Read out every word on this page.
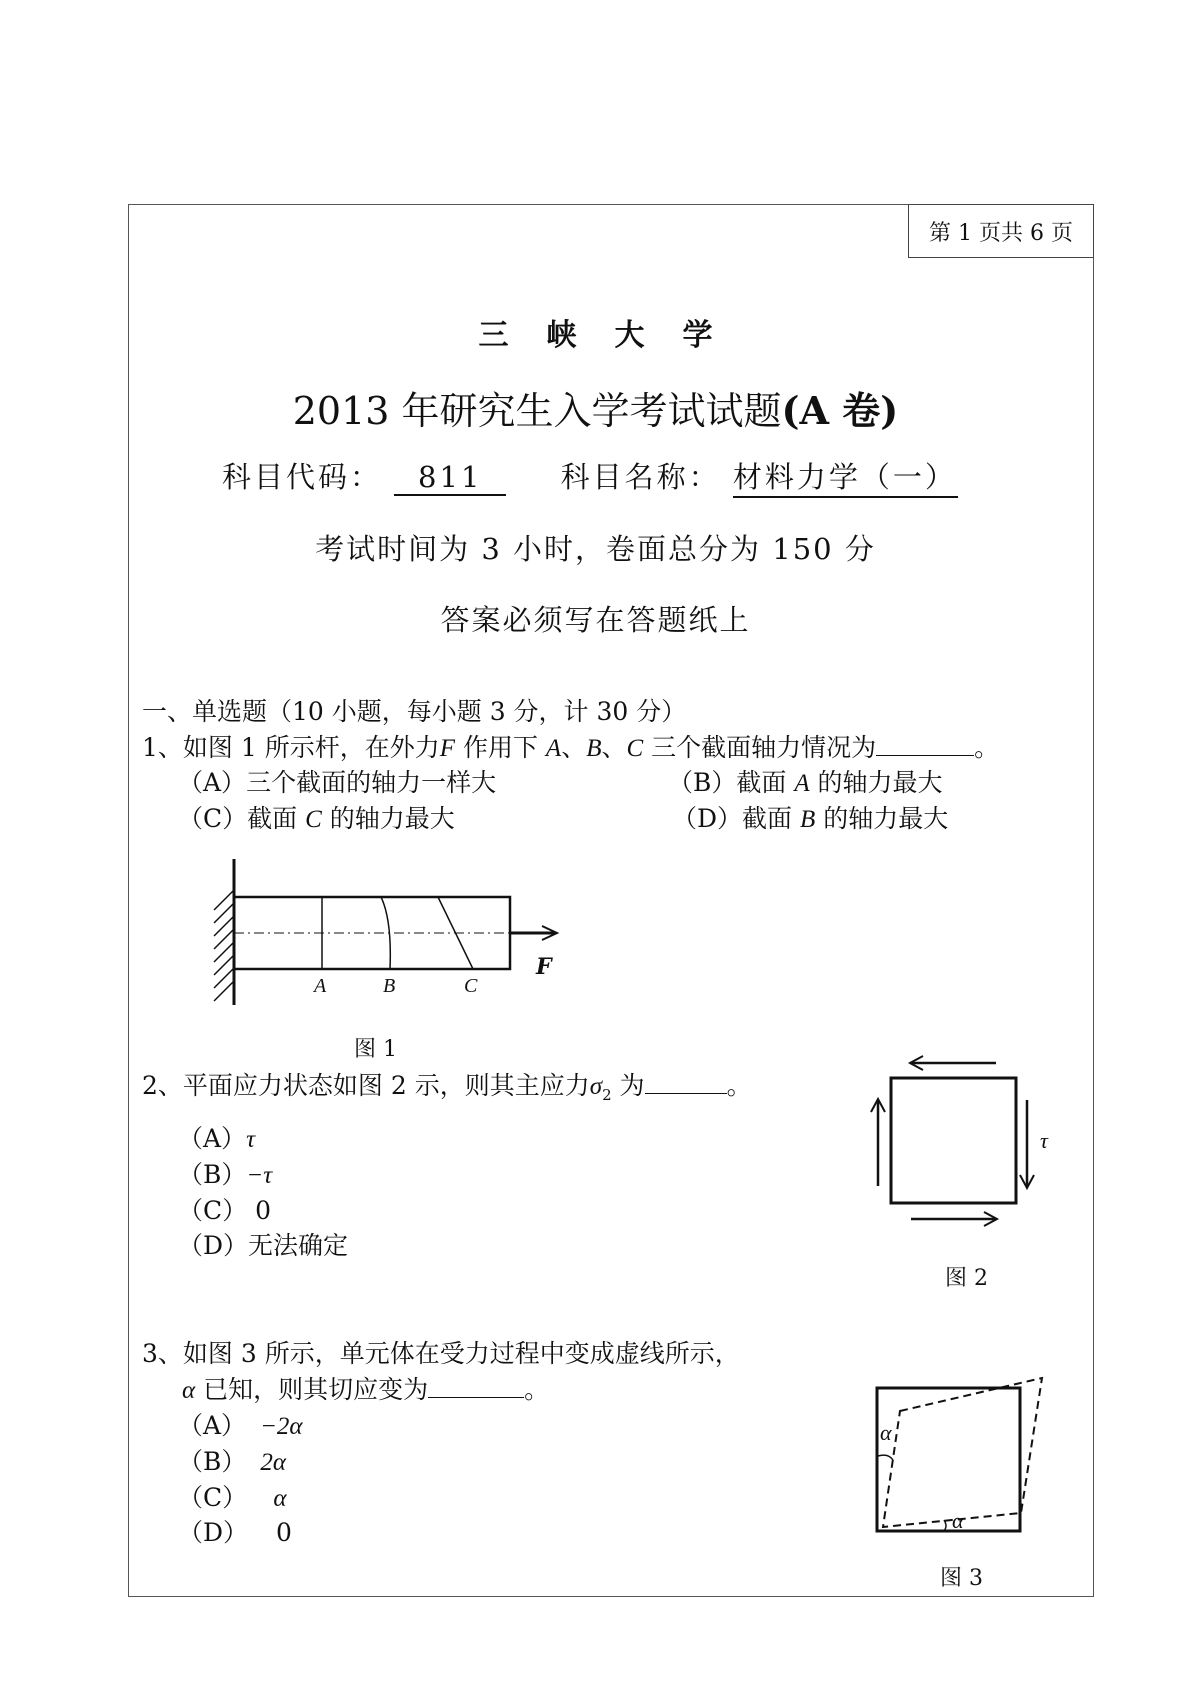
第 1 页共 6 页
三峡大学
2013 年研究生入学考试试题(A 卷)
科目代码： 811	科目名称： 材料力学（一）
考试时间为 3 小时，卷面总分为 150 分
答案必须写在答题纸上
一、单选题（10 小题，每小题 3 分，计 30 分）
1、如图 1 所示杆，在外力F 作用下 A、B、C 三个截面轴力情况为	。
（A）三个截面的轴力一样大	（B）截面 A 的轴力最大
（C）截面 C 的轴力最大	（D）截面 B 的轴力最大
A	B	C
F
图 1
2、平面应力状态如图 2 示，则其主应力$\sigma_2$ 为	。
（A）τ
（B）−τ
（C） 0
（D）无法确定
τ
图 2
3、如图 3 所示，单元体在受力过程中变成虚线所示，
α 已知，则其切应变为	。
（A） −2α
（B） 2α
（C） α
（D） 0
α
α
图 3
